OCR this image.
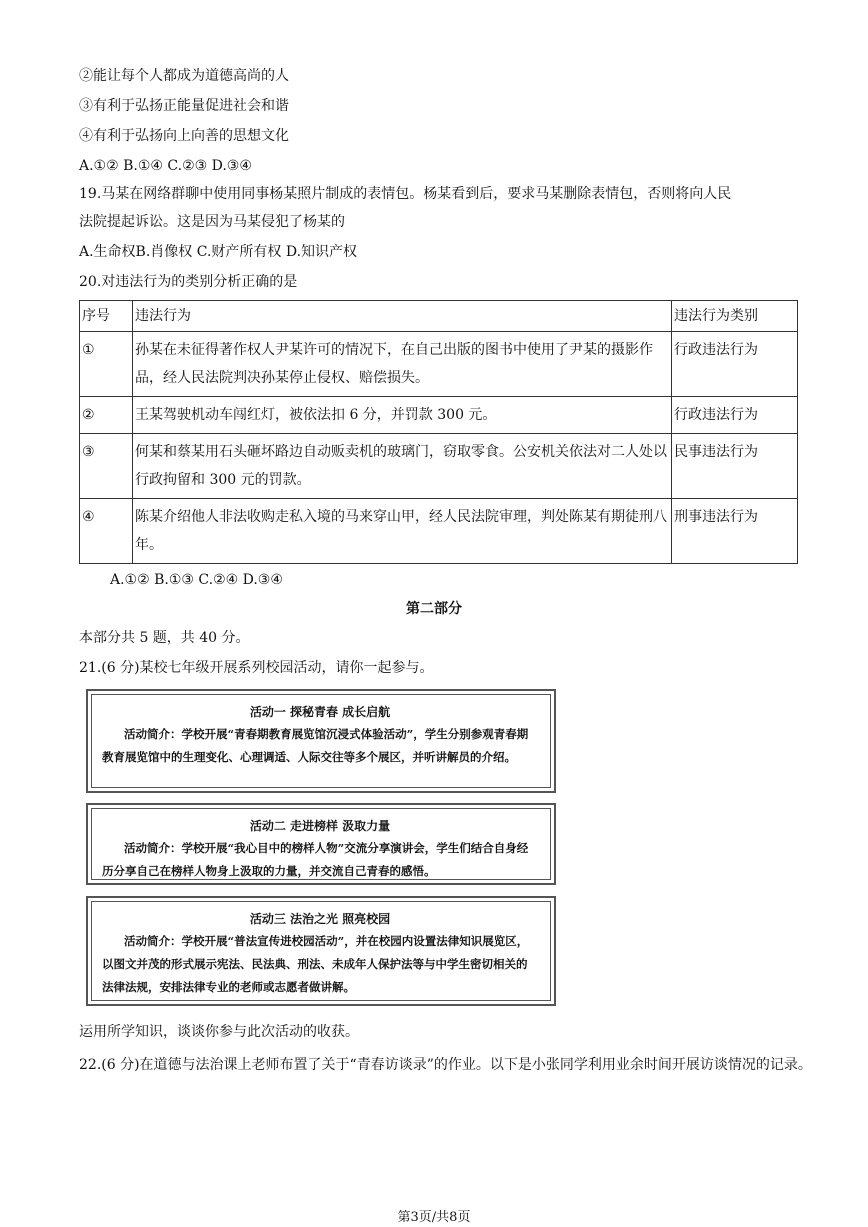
②能让每个人都成为道德高尚的人
③有利于弘扬正能量促进社会和谐
④有利于弘扬向上向善的思想文化
A.①② B.①④ C.②③ D.③④
19.马某在网络群聊中使用同事杨某照片制成的表情包。杨某看到后，要求马某删除表情包，否则将向人民
法院提起诉讼。这是因为马某侵犯了杨某的
A.生命权B.肖像权 C.财产所有权 D.知识产权
20.对违法行为的类别分析正确的是
序号	违法行为	违法行为类别
①	孙某在未征得著作权人尹某许可的情况下，在自己出版的图书中使用了尹某的摄影作品，经人民法院判决孙某停止侵权、赔偿损失。	行政违法行为
②	王某驾驶机动车闯红灯，被依法扣 6 分，并罚款 300 元。	行政违法行为
③	何某和蔡某用石头砸坏路边自动贩卖机的玻璃门，窃取零食。公安机关依法对二人处以行政拘留和 300 元的罚款。	民事违法行为
④	陈某介绍他人非法收购走私入境的马来穿山甲，经人民法院审理，判处陈某有期徒刑八年。	刑事违法行为
A.①② B.①③ C.②④ D.③④
第二部分
本部分共 5 题，共 40 分。
21.(6 分)某校七年级开展系列校园活动，请你一起参与。
活动一 探秘青春 成长启航
活动简介：学校开展“青春期教育展览馆沉浸式体验活动”，学生分别参观青春期教育展览馆中的生理变化、心理调适、人际交往等多个展区，并听讲解员的介绍。
活动二 走进榜样 汲取力量
活动简介：学校开展“我心目中的榜样人物”交流分享演讲会，学生们结合自身经历分享自己在榜样人物身上汲取的力量，并交流自己青春的感悟。
活动三 法治之光 照亮校园
活动简介：学校开展“普法宣传进校园活动”，并在校园内设置法律知识展览区，以图文并茂的形式展示宪法、民法典、刑法、未成年人保护法等与中学生密切相关的法律法规，安排法律专业的老师或志愿者做讲解。
运用所学知识，谈谈你参与此次活动的收获。
22.(6 分)在道德与法治课上老师布置了关于“青春访谈录”的作业。以下是小张同学利用业余时间开展访谈情况的记录。
第3页/共8页
